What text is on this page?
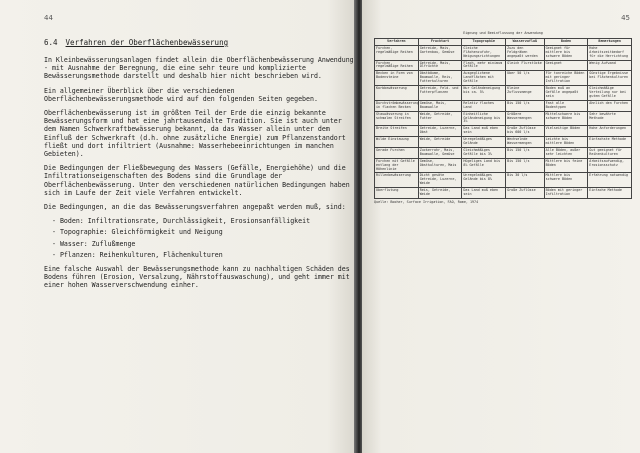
44
6.4 Verfahren der Oberflächenbewässerung

In Kleinbewässerungsanlagen findet allein die Oberflächenbewässerung Anwendung - mit Ausnahme der Beregnung, die eine sehr teure und komplizierte Bewässerungsmethode darstellt und deshalb hier nicht beschrieben wird.

Ein allgemeiner Überblick über die verschiedenen Oberflächenbewässerungsmethode wird auf den folgenden Seiten gegeben.

Oberflächenbewässerung ist im größten Teil der Erde die einzig bekannte Bewässerungsform und hat eine jahrtausendalte Tradition. Sie ist auch unter dem Namen Schwerkraftbewässerung bekannt, da das Wasser allein unter dem Einfluß der Schwerkraft (d.h. ohne zusätzliche Energie) zum Pflanzenstandort fließt und dort infiltriert (Ausnahme: Wasserhebeeinrichtungen im manchen Gebieten).

Die Bedingungen der Fließbewegung des Wassers (Gefälle, Energiehöhe) und die Infiltrationseigenschaften des Bodens sind die Grundlage der Oberflächenbewässerung. Unter den verschiedenen natürlichen Bedingungen haben sich im Laufe der Zeit viele Verfahren entwickelt.

Die Bedingungen, an die das Bewässerungsverfahren angepaßt werden muß, sind:

- Boden: Infiltrationsrate, Durchlässigkeit, Erosionsanfälligkeit
- Topographie: Gleichförmigkeit und Neigung
- Wasser: Zuflußmenge
- Pflanzen: Reihenkulturen, Flächenkulturen

Eine falsche Auswahl der Bewässerungsmethode kann zu nachhaltigen Schäden des Bodens führen (Erosion, Versalzung, Nährstoffauswaschung), und geht immer mit einer hohen Wasserverschwendung einher.

45
Eignung und Beeinflussung der Anwendung
Verfahren	Fruchtart	Topographie	Wasserzufluß	Boden	Bemerkungen
Furchen, regelmäßige Reihen	Getreide, Mais, Gartenbau, Gemüse	Gleiche Flächenzufuhr, Neigungsrichtungen	Zuzu den Feldgräben angepaßt werden	Geeignet für mittlere bis schwere Böden	Hohe Arbeitszeitbedarf für die Herrichtung
Furchen, regelmäßige Reihen	Getreide, Mais, Ölfrüchte	Flach, mehr minimum Gefälle	Gleich Flurstücke	Geeignet	Wenig Aufwand
Becken in Form von Bodensteine	Obstbäume, Baumwolle, Reis, Futterkulturen	Ausgeglichene Landflächen mit Gefälle	Über 50 l/s	Für tonreiche Böden mit geringer Infiltration	Günstige Ergebnisse bei Flächenkulturen
Korbbewässerung	Getreide, Feld- und Futterpflanzen	Nur Geländeneigung bis ca. 5%	Kleine Zuflussmenge	Boden muß an Gefälle angepaßt sein	Gleichmäßige Verteilung nur bei gutem Gefälle
Durchströmbewässerung in flachen Becken	Gemüse, Mais, Baumwolle	Relativ flaches Land	Bis 150 l/s	Fast alle Bodentypen	Ähnlich den Furchen
Stauwässerung in schmalen Streifen	Weide, Getreide, Futter	Einheitliche Geländeneigung bis 3%	Größere Wassermengen	Mittelschwere bis schwere Böden	Sehr bewährte Methode
Breite Streifen	Getreide, Luzerne, Obst	Das Land muß eben sein	Große Zuflüsse bis 600 l/s	Vielseitige Böden	Hohe Anforderungen
Wilde Einstauung	Weide, Getreide	Unregelmäßiges Gelände	Wechselnde Wassermengen	Leichte bis mittlere Böden	Einfachste Methode
Gerade Furchen	Zuckerrohr, Mais, Baumwolle, Gemüse	Gleichmäßiges Gefälle bis 3%	Bis 150 l/s	Alle Böden, außer sehr leichten	Gut geeignet für Reihenkulturen
Furchen mit Gefälle entlang der Höhenlinie	Gemüse, Obstkulturen, Mais	Hügeliges Land bis 8% Gefälle	Bis 150 l/s	Mittlere bis feine Böden	Arbeitsaufwendig, Erosionsschutz
Rillenbewässerung	Dicht gesäte Getreide, Luzerne, Weide	Unregelmäßiges Gelände bis 8%	Bis 30 l/s	Mittlere bis schwere Böden	Erfahrung notwendig
Überflutung	Reis, Getreide, Weide	Das Land muß eben sein	Große Zuflüsse	Böden mit geringer Infiltration	Einfache Methode
Quelle: Booher, Surface Irrigation, FAO, Rome, 1974
